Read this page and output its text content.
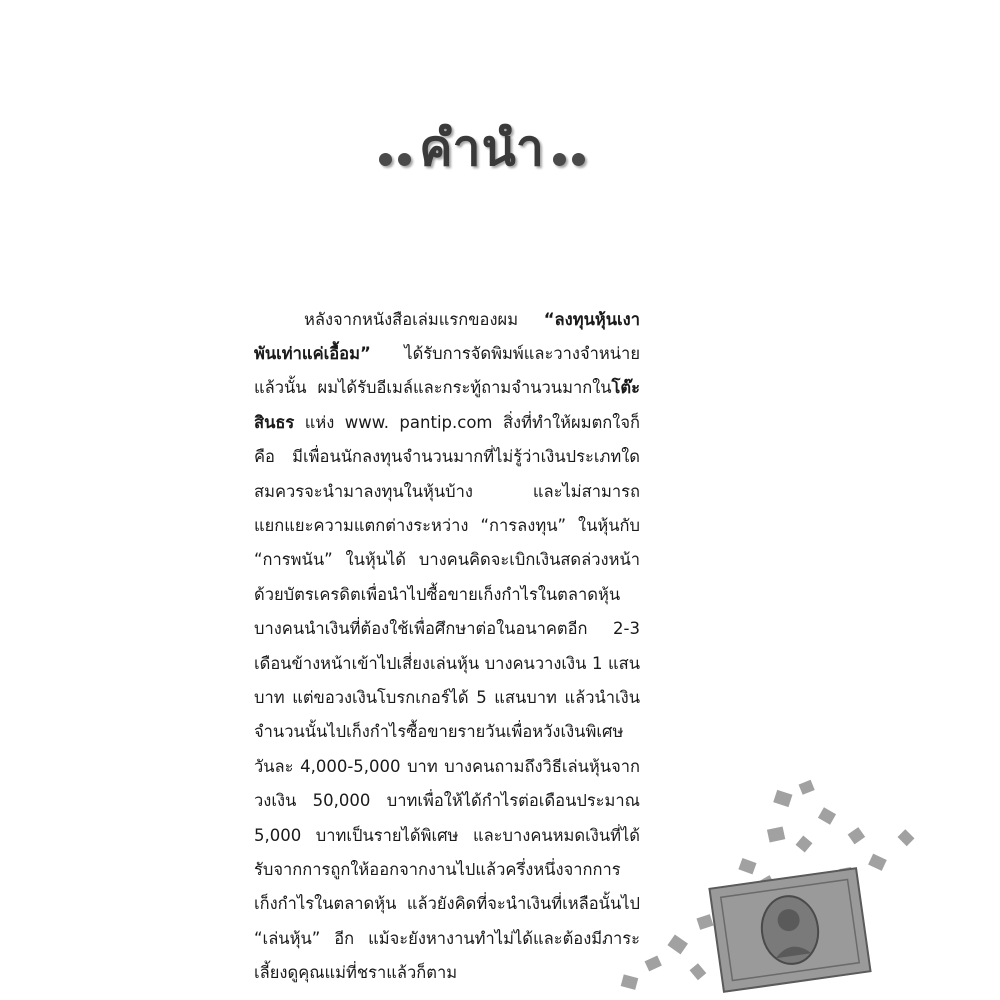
คำนำ

หลังจากหนังสือเล่มแรกของผม “ลงทุนหุ้นเงา พันเท่าแค่เอื้อม” ได้รับการจัดพิมพ์และวางจำหน่ายแล้วนั้น ผมได้รับอีเมล์และกระทู้ถามจำนวนมากในโต๊ะสินธร แห่ง www. pantip.com สิ่งที่ทำให้ผมตกใจก็คือ มีเพื่อนนักลงทุนจำนวนมากที่ไม่รู้ว่าเงินประเภทใดสมควรจะนำมาลงทุนในหุ้นบ้าง และไม่สามารถแยกแยะความแตกต่างระหว่าง “การลงทุน” ในหุ้นกับ “การพนัน” ในหุ้นได้ บางคนคิดจะเบิกเงินสดล่วงหน้าด้วยบัตรเครดิตเพื่อนำไปซื้อขายเก็งกำไรในตลาดหุ้น บางคนนำเงินที่ต้องใช้เพื่อศึกษาต่อในอนาคตอีก 2-3 เดือนข้างหน้าเข้าไปเสี่ยงเล่นหุ้น บางคนวางเงิน 1 แสนบาท แต่ขอวงเงินโบรกเกอร์ได้ 5 แสนบาท แล้วนำเงินจำนวนนั้นไปเก็งกำไรซื้อขายรายวันเพื่อหวังเงินพิเศษวันละ 4,000-5,000 บาท บางคนถามถึงวิธีเล่นหุ้นจากวงเงิน 50,000 บาทเพื่อให้ได้กำไรต่อเดือนประมาณ 5,000 บาทเป็นรายได้พิเศษ และบางคนหมดเงินที่ได้รับจากการถูกให้ออกจากงานไปแล้วครึ่งหนึ่งจากการเก็งกำไรในตลาดหุ้น แล้วยังคิดที่จะนำเงินที่เหลือนั้นไป “เล่นหุ้น” อีก แม้จะยังหางานทำไม่ได้และต้องมีภาระเลี้ยงดูคุณแม่ที่ชราแล้วก็ตาม
